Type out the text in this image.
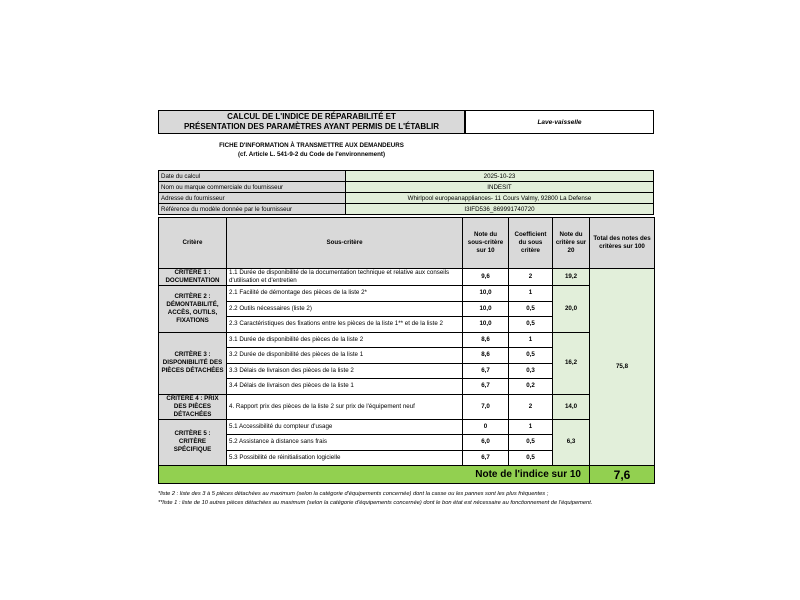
CALCUL DE L'INDICE DE RÉPARABILITÉ ET
PRÉSENTATION DES PARAMÈTRES AYANT PERMIS DE L'ÉTABLIR	Lave-vaisselle
FICHE D'INFORMATION À TRANSMETTRE AUX DEMANDEURS
(cf. Article L. 541-9-2 du Code de l'environnement)
Date du calcul	2025-10-23
Nom ou marque commerciale du fournisseur	INDESIT
Adresse du fournisseur	Whirlpool europeanappliances- 11 Cours Valmy, 92800 La Defense
Référence du modèle donnée par le fournisseur	I3IFD536_869991740720
Critère	Sous-critère	Note du sous-critère sur 10	Coefficient du sous critère	Note du critère sur 20	Total des notes des critères sur 100
CRITÈRE 1 : DOCUMENTATION	1.1 Durée de disponibilité de la documentation technique et relative aux conseils d'utilisation et d'entretien	9,6	2	19,2	75,8
CRITÈRE 2 : DÉMONTABILITÉ, ACCÈS, OUTILS, FIXATIONS	2.1 Facilité de démontage des pièces de la liste 2*	10,0	1	20,0	
	2.2 Outils nécessaires (liste 2)	10,0	0,5		
	2.3 Caractéristiques des fixations entre les pièces de la liste 1** et de la liste 2	10,0	0,5		
CRITÈRE 3 : DISPONIBILITÉ DES PIÈCES DÉTACHÉES	3.1 Durée de disponibilité des pièces de la liste 2	8,6	1	16,2	
	3.2 Durée de disponibilité des pièces de la liste 1	8,6	0,5		
	3.3 Délais de livraison des pièces de la liste 2	6,7	0,3		
	3.4 Délais de livraison des pièces de la liste 1	6,7	0,2		
CRITÈRE 4 : PRIX DES PIÈCES DÉTACHÉES	4. Rapport prix des pièces de la liste 2 sur prix de l'équipement neuf	7,0	2	14,0	
CRITÈRE 5 : CRITÈRE SPÉCIFIQUE	5.1 Accessibilité du compteur d'usage	0	1	6,3	
	5.2 Assistance à distance sans frais	6,0	0,5		
	5.3 Possibilité de réinitialisation logicielle	6,7	0,5		
Note de l'indice sur 10					7,6
*liste 2 : liste des 3 à 5 pièces détachées au maximum (selon la catégorie d'équipements concernée) dont la casse ou les pannes sont les plus fréquentes ;
**liste 1 : liste de 10 autres pièces détachées au maximum (selon la catégorie d'équipements concernée) dont le bon état est nécessaire au fonctionnement de l'équipement.
